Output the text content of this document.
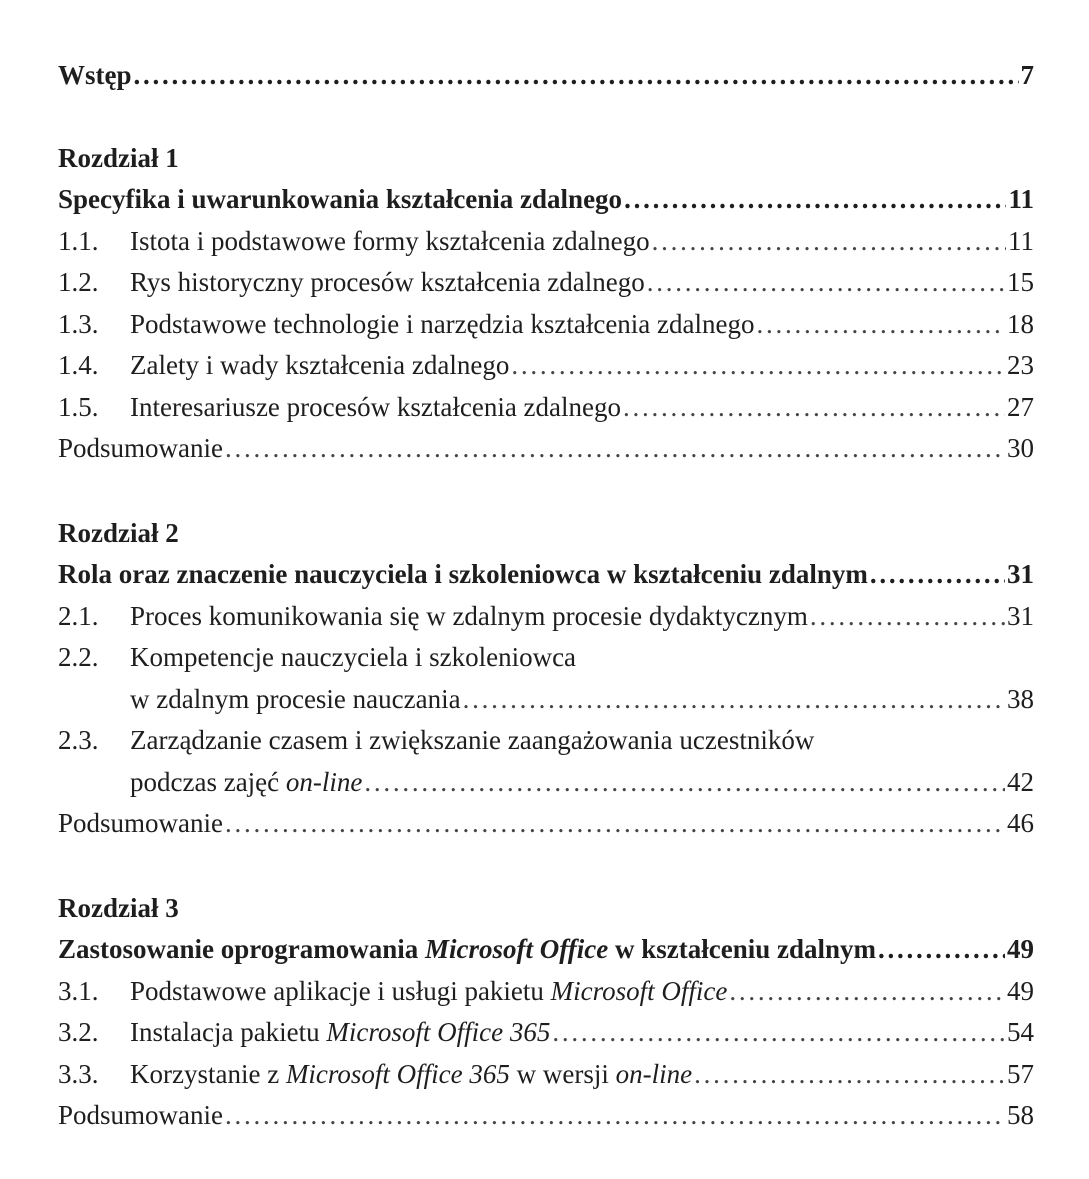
Wstęp . . .	7
Rozdział 1
Specyfika i uwarunkowania kształcenia zdalnego . . .	11
1.1.	Istota i podstawowe formy kształcenia zdalnego . . .	11
1.2.	Rys historyczny procesów kształcenia zdalnego . . .	15
1.3.	Podstawowe technologie i narzędzia kształcenia zdalnego . . .	18
1.4.	Zalety i wady kształcenia zdalnego . . .	23
1.5.	Interesariusze procesów kształcenia zdalnego . . .	27
Podsumowanie . . .	30
Rozdział 2
Rola oraz znaczenie nauczyciela i szkoleniowca w kształceniu zdalnym . . .	31
2.1.	Proces komunikowania się w zdalnym procesie dydaktycznym . . .	31
2.2.	Kompetencje nauczyciela i szkoleniowca
w zdalnym procesie nauczania . . .	38
2.3.	Zarządzanie czasem i zwiększanie zaangażowania uczestników
podczas zajęć on-line . . .	42
Podsumowanie . . .	46
Rozdział 3
Zastosowanie oprogramowania Microsoft Office w kształceniu zdalnym . . .	49
3.1.	Podstawowe aplikacje i usługi pakietu Microsoft Office . . .	49
3.2.	Instalacja pakietu Microsoft Office 365 . . .	54
3.3.	Korzystanie z Microsoft Office 365 w wersji on-line . . .	57
Podsumowanie . . .	58
